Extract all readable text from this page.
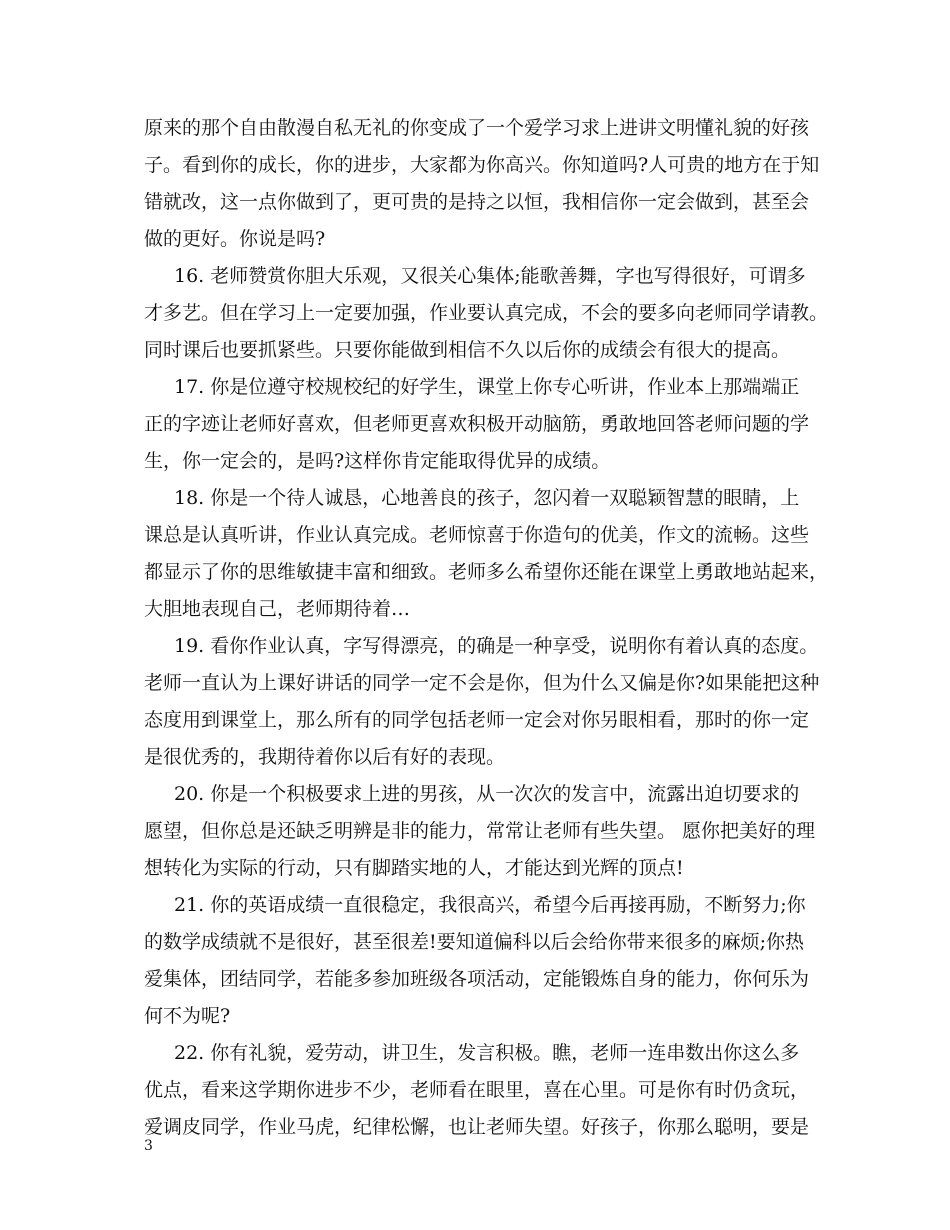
原来的那个自由散漫自私无礼的你变成了一个爱学习求上进讲文明懂礼貌的好孩
子。看到你的成长，你的进步，大家都为你高兴。你知道吗?人可贵的地方在于知
错就改，这一点你做到了，更可贵的是持之以恒，我相信你一定会做到，甚至会
做的更好。你说是吗?
16. 老师赞赏你胆大乐观，又很关心集体;能歌善舞，字也写得很好，可谓多
才多艺。但在学习上一定要加强，作业要认真完成，不会的要多向老师同学请教。
同时课后也要抓紧些。只要你能做到相信不久以后你的成绩会有很大的提高。
17. 你是位遵守校规校纪的好学生，课堂上你专心听讲，作业本上那端端正
正的字迹让老师好喜欢，但老师更喜欢积极开动脑筋，勇敢地回答老师问题的学
生，你一定会的，是吗?这样你肯定能取得优异的成绩。
18. 你是一个待人诚恳，心地善良的孩子，忽闪着一双聪颖智慧的眼睛，上
课总是认真听讲，作业认真完成。老师惊喜于你造句的优美，作文的流畅。这些
都显示了你的思维敏捷丰富和细致。老师多么希望你还能在课堂上勇敢地站起来，
大胆地表现自己，老师期待着…
19. 看你作业认真，字写得漂亮，的确是一种享受，说明你有着认真的态度。
老师一直认为上课好讲话的同学一定不会是你，但为什么又偏是你?如果能把这种
态度用到课堂上，那么所有的同学包括老师一定会对你另眼相看，那时的你一定
是很优秀的，我期待着你以后有好的表现。
20. 你是一个积极要求上进的男孩，从一次次的发言中，流露出迫切要求的
愿望，但你总是还缺乏明辨是非的能力，常常让老师有些失望。 愿你把美好的理
想转化为实际的行动，只有脚踏实地的人，才能达到光辉的顶点!
21. 你的英语成绩一直很稳定，我很高兴，希望今后再接再励，不断努力;你
的数学成绩就不是很好，甚至很差!要知道偏科以后会给你带来很多的麻烦;你热
爱集体，团结同学，若能多参加班级各项活动，定能锻炼自身的能力，你何乐为
何不为呢?
22. 你有礼貌，爱劳动，讲卫生，发言积极。瞧，老师一连串数出你这么多
优点，看来这学期你进步不少，老师看在眼里，喜在心里。可是你有时仍贪玩，
爱调皮同学，作业马虎，纪律松懈，也让老师失望。好孩子，你那么聪明，要是
3
